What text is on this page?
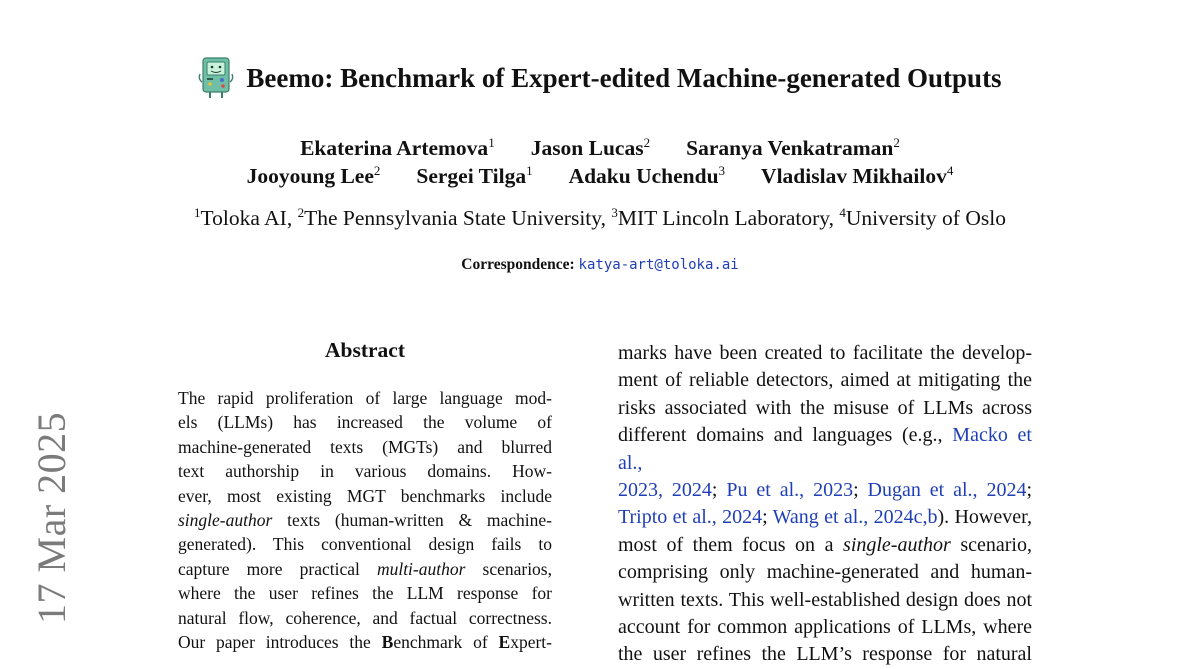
17 Mar 2025
Beemo: Benchmark of Expert-edited Machine-generated Outputs
Ekaterina Artemova$^1$ Jason Lucas$^2$ Saranya Venkatraman$^2$
Jooyoung Lee$^2$ Sergei Tilga$^1$ Adaku Uchendu$^3$ Vladislav Mikhailov$^4$
$^1$Toloka AI, $^2$The Pennsylvania State University, $^3$MIT Lincoln Laboratory, $^4$University of Oslo
Correspondence: katya-art@toloka.ai
Abstract
The rapid proliferation of large language mod-
els (LLMs) has increased the volume of
machine-generated texts (MGTs) and blurred
text authorship in various domains. How-
ever, most existing MGT benchmarks include
single-author texts (human-written & machine-
generated). This conventional design fails to
capture more practical multi-author scenarios,
where the user refines the LLM response for
natural flow, coherence, and factual correctness.
Our paper introduces the Benchmark of Expert-
marks have been created to facilitate the develop-
ment of reliable detectors, aimed at mitigating the
risks associated with the misuse of LLMs across
different domains and languages (e.g., Macko et al.,
2023, 2024; Pu et al., 2023; Dugan et al., 2024;
Tripto et al., 2024; Wang et al., 2024c,b). However,
most of them focus on a single-author scenario,
comprising only machine-generated and human-
written texts. This well-established design does not
account for common applications of LLMs, where
the user refines the LLM’s response for natural
